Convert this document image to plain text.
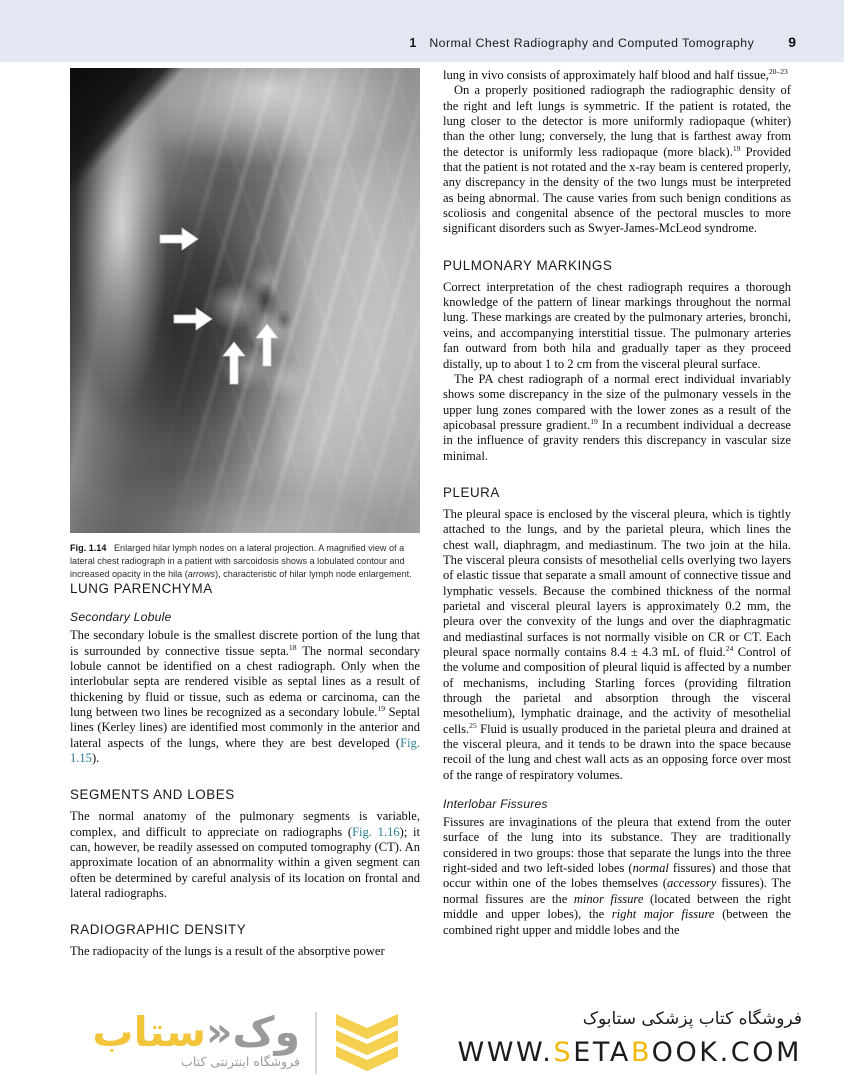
1 Normal Chest Radiography and Computed Tomography 9
Fig. 1.14 Enlarged hilar lymph nodes on a lateral projection. A magnified view of a lateral chest radiograph in a patient with sarcoidosis shows a lobulated contour and increased opacity in the hila (arrows), characteristic of hilar lymph node enlargement.
LUNG PARENCHYMA
Secondary Lobule

The secondary lobule is the smallest discrete portion of the lung that is surrounded by connective tissue septa.$^{18}$ The normal secondary lobule cannot be identified on a chest radiograph. Only when the interlobular septa are rendered visible as septal lines as a result of thickening by fluid or tissue, such as edema or carcinoma, can the lung between two lines be recognized as a secondary lobule.$^{19}$ Septal lines (Kerley lines) are identified most commonly in the anterior and lateral aspects of the lungs, where they are best developed (Fig. 1.15).

SEGMENTS AND LOBES

The normal anatomy of the pulmonary segments is variable, complex, and difficult to appreciate on radiographs (Fig. 1.16); it can, however, be readily assessed on computed tomography (CT). An approximate location of an abnormality within a given segment can often be determined by careful analysis of its location on frontal and lateral radiographs.

RADIOGRAPHIC DENSITY

The radiopacity of the lungs is a result of the absorptive power

lung in vivo consists of approximately half blood and half tissue,$^{20-23}$

On a properly positioned radiograph the radiographic density of the right and left lungs is symmetric. If the patient is rotated, the lung closer to the detector is more uniformly radiopaque (whiter) than the other lung; conversely, the lung that is farthest away from the detector is uniformly less radiopaque (more black).$^{19}$ Provided that the patient is not rotated and the x-ray beam is centered properly, any discrepancy in the density of the two lungs must be interpreted as being abnormal. The cause varies from such benign conditions as scoliosis and congenital absence of the pectoral muscles to more significant disorders such as Swyer-James-McLeod syndrome.

PULMONARY MARKINGS

Correct interpretation of the chest radiograph requires a thorough knowledge of the pattern of linear markings throughout the normal lung. These markings are created by the pulmonary arteries, bronchi, veins, and accompanying interstitial tissue. The pulmonary arteries fan outward from both hila and gradually taper as they proceed distally, up to about 1 to 2 cm from the visceral pleural surface.

The PA chest radiograph of a normal erect individual invariably shows some discrepancy in the size of the pulmonary vessels in the upper lung zones compared with the lower zones as a result of the apicobasal pressure gradient.$^{19}$ In a recumbent individual a decrease in the influence of gravity renders this discrepancy in vascular size minimal.

PLEURA

The pleural space is enclosed by the visceral pleura, which is tightly attached to the lungs, and by the parietal pleura, which lines the chest wall, diaphragm, and mediastinum. The two join at the hila. The visceral pleura consists of mesothelial cells overlying two layers of elastic tissue that separate a small amount of connective tissue and lymphatic vessels. Because the combined thickness of the normal parietal and visceral pleural layers is approximately 0.2 mm, the pleura over the convexity of the lungs and over the diaphragmatic and mediastinal surfaces is not normally visible on CR or CT. Each pleural space normally contains 8.4 ± 4.3 mL of fluid.$^{24}$ Control of the volume and composition of pleural liquid is affected by a number of mechanisms, including Starling forces (providing filtration through the parietal and absorption through the visceral mesothelium), lymphatic drainage, and the activity of mesothelial cells.$^{25}$ Fluid is usually produced in the parietal pleura and drained at the visceral pleura, and it tends to be drawn into the space because recoil of the lung and chest wall acts as an opposing force over most of the range of respiratory volumes.

Interlobar Fissures

Fissures are invaginations of the pleura that extend from the outer surface of the lung into its substance. They are traditionally considered in two groups: those that separate the lungs into the three right-sided and two left-sided lobes (normal fissures) and those that occur within one of the lobes themselves (accessory fissures). The normal fissures are the minor fissure (located between the right middle and upper lobes), the right major fissure (between the combined right upper and middle lobes and the

وک«ستاب
فروشگاه اینترنتی کتاب
فروشگاه کتاب پزشکی ستابوک
WWW.SETABOOK.COM
